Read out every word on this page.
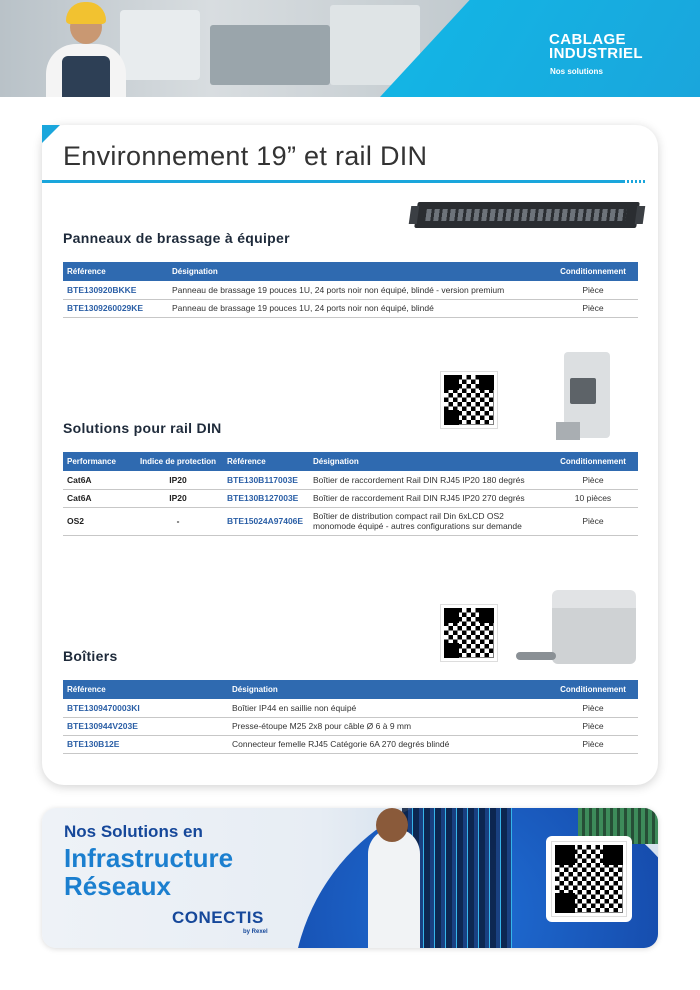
CABLAGE
INDUSTRIEL
Nos solutions
Environnement 19” et rail DIN
Panneaux de brassage à équiper
Référence	Désignation	Conditionnement
BTE130920BKKE	Panneau de brassage 19 pouces 1U, 24 ports noir non équipé, blindé - version premium	Pièce
BTE1309260029KE	Panneau de brassage 19 pouces 1U, 24 ports noir non équipé, blindé	Pièce
Solutions pour rail DIN
Performance	Indice de protection	Référence	Désignation	Conditionnement
Cat6A	IP20	BTE130B117003E	Boîtier de raccordement Rail DIN RJ45 IP20 180 degrés	Pièce
Cat6A	IP20	BTE130B127003E	Boîtier de raccordement Rail DIN RJ45 IP20 270 degrés	10 pièces
OS2	-	BTE15024A97406E	Boîtier de distribution compact rail Din 6xLCD OS2 monomode équipé - autres configurations sur demande	Pièce
Boîtiers
Référence	Désignation	Conditionnement
BTE1309470003KI	Boîtier IP44 en saillie non équipé	Pièce
BTE130944V203E	Presse-étoupe M25 2x8 pour câble Ø 6 à 9 mm	Pièce
BTE130B12E	Connecteur femelle RJ45 Catégorie 6A 270 degrés blindé	Pièce
Nos Solutions en
Infrastructure
Réseaux
CONECTIS
by Rexel
